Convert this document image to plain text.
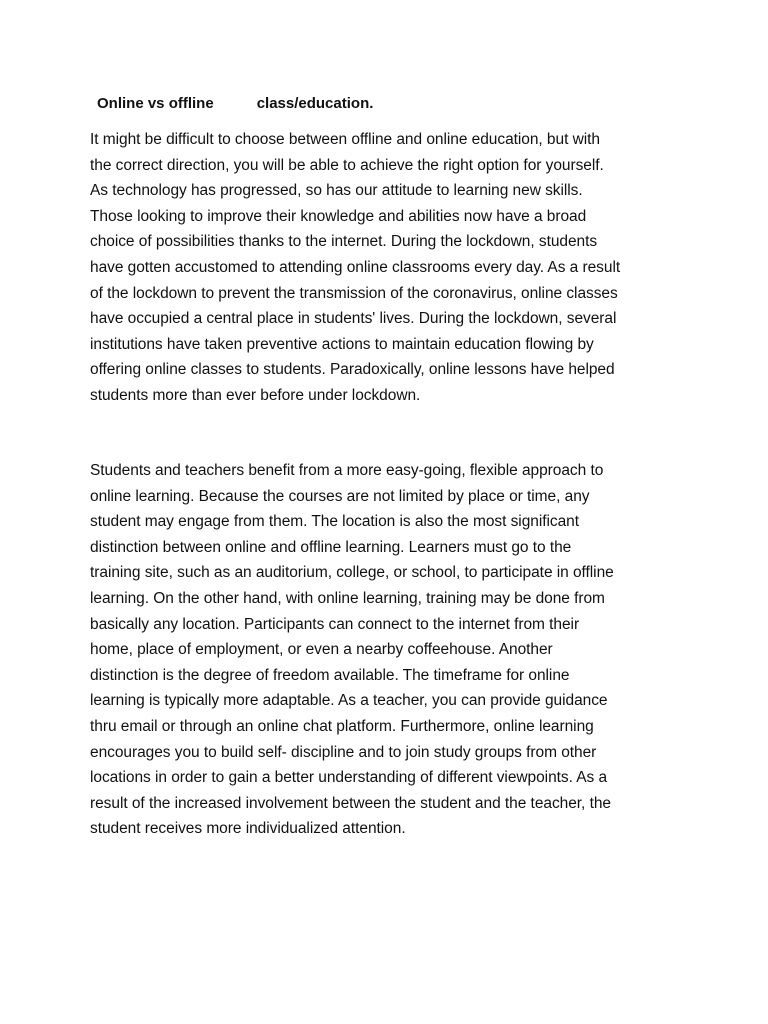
Online vs offline	class/education.

It might be difficult to choose between offline and online education, but with
the correct direction, you will be able to achieve the right option for yourself.
As technology has progressed, so has our attitude to learning new skills.
Those looking to improve their knowledge and abilities now have a broad
choice of possibilities thanks to the internet. During the lockdown, students
have gotten accustomed to attending online classrooms every day. As a result
of the lockdown to prevent the transmission of the coronavirus, online classes
have occupied a central place in students' lives. During the lockdown, several
institutions have taken preventive actions to maintain education flowing by
offering online classes to students. Paradoxically, online lessons have helped
students more than ever before under lockdown.

Students and teachers benefit from a more easy-going, flexible approach to
online learning. Because the courses are not limited by place or time, any
student may engage from them. The location is also the most significant
distinction between online and offline learning. Learners must go to the
training site, such as an auditorium, college, or school, to participate in offline
learning. On the other hand, with online learning, training may be done from
basically any location. Participants can connect to the internet from their
home, place of employment, or even a nearby coffeehouse. Another
distinction is the degree of freedom available. The timeframe for online
learning is typically more adaptable. As a teacher, you can provide guidance
thru email or through an online chat platform. Furthermore, online learning
encourages you to build self- discipline and to join study groups from other
locations in order to gain a better understanding of different viewpoints. As a
result of the increased involvement between the student and the teacher, the
student receives more individualized attention.
